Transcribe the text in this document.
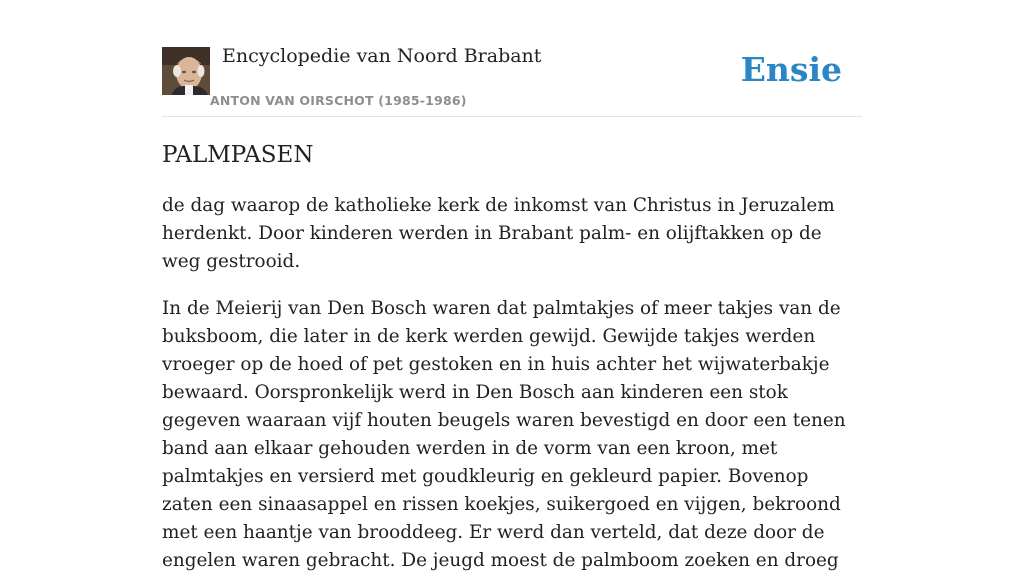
Encyclopedie van Noord Brabant
ANTON VAN OIRSCHOT (1985-1986)
Ensie
PALMPASEN

de dag waarop de katholieke kerk de inkomst van Christus in Jeruzalem herdenkt. Door kinderen werden in Brabant palm- en olijftakken op de weg gestrooid.

In de Meierij van Den Bosch waren dat palmtakjes of meer takjes van de buksboom, die later in de kerk werden gewijd. Gewijde takjes werden vroeger op de hoed of pet gestoken en in huis achter het wijwaterbakje bewaard. Oorspronkelijk werd in Den Bosch aan kinderen een stok gegeven waaraan vijf houten beugels waren bevestigd en door een tenen band aan elkaar gehouden werden in de vorm van een kroon, met palmtakjes en versierd met goudkleurig en gekleurd papier. Bovenop zaten een sinaasappel en rissen koekjes, suikergoed en vijgen, bekroond met een haantje van brooddeeg. Er werd dan verteld, dat deze door de engelen waren gebracht. De jeugd moest de palmboom zoeken en droeg
